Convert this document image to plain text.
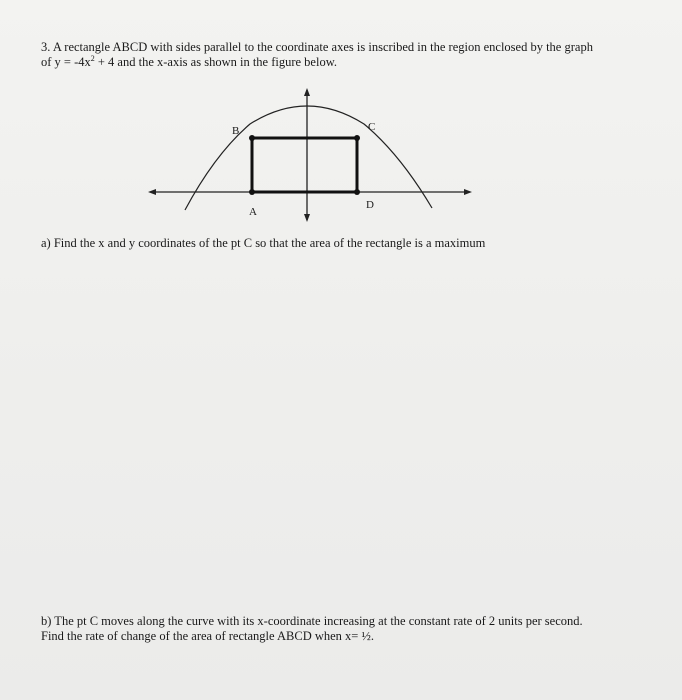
3. A rectangle ABCD with sides parallel to the coordinate axes is inscribed in the region enclosed by the graph

of $y = -4x^2 + 4$ and the x-axis as shown in the figure below.

B	C
A
D

a) Find the x and y coordinates of the pt C so that the area of the rectangle is a maximum

b) The pt C moves along the curve with its x-coordinate increasing at the constant rate of 2 units per second.

Find the rate of change of the area of rectangle ABCD when x= ½.
